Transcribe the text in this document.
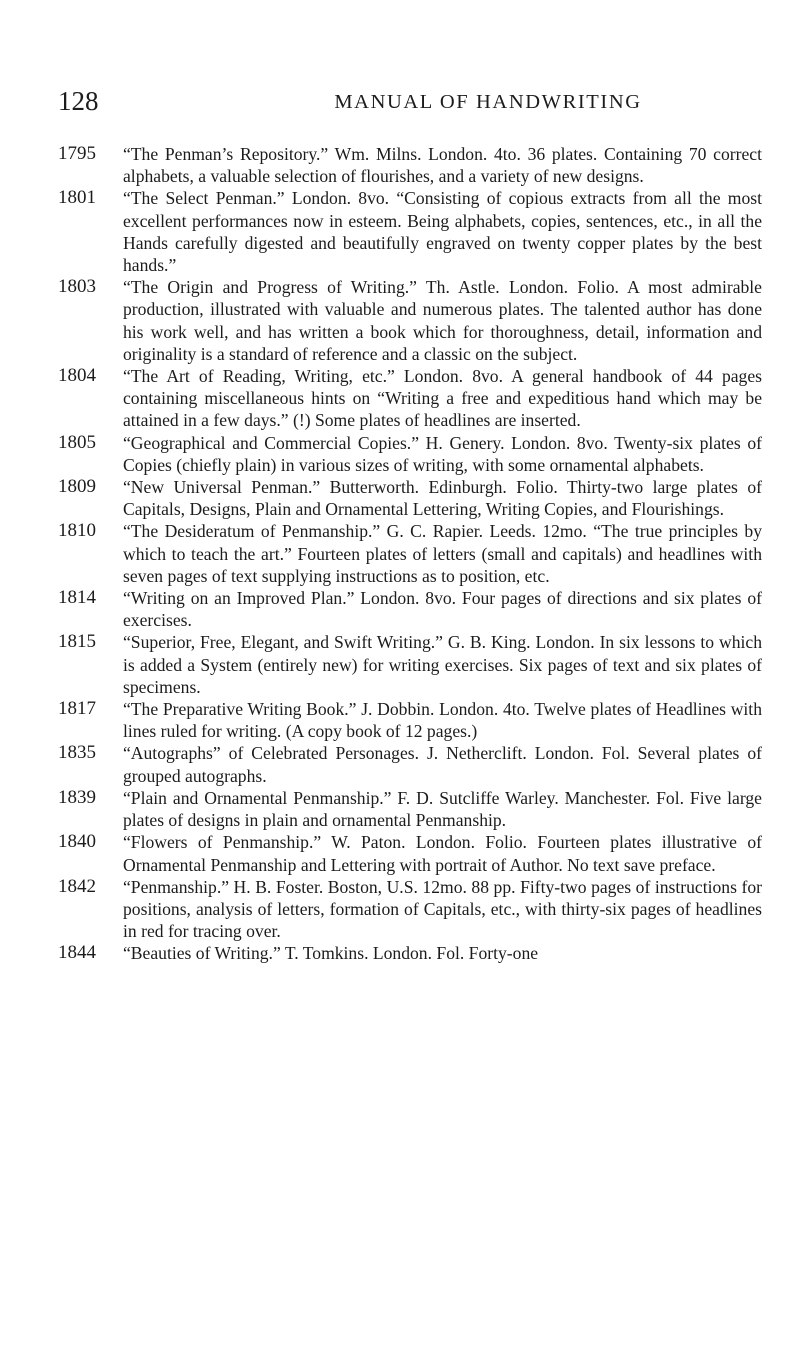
128	MANUAL OF HANDWRITING
1795	“The Penman’s Repository.” Wm. Milns. London. 4to. 36 plates. Containing 70 correct alphabets, a valuable selection of flourishes, and a variety of new designs.
1801	“The Select Penman.” London. 8vo. “Consisting of copious extracts from all the most excellent performances now in esteem. Being alphabets, copies, sentences, etc., in all the Hands carefully digested and beautifully engraved on twenty copper plates by the best hands.”
1803	“The Origin and Progress of Writing.” Th. Astle. London. Folio. A most admirable production, illustrated with valuable and numerous plates. The talented author has done his work well, and has written a book which for thoroughness, detail, information and originality is a standard of reference and a classic on the subject.
1804	“The Art of Reading, Writing, etc.” London. 8vo. A general handbook of 44 pages containing miscellaneous hints on “Writing a free and expeditious hand which may be attained in a few days.” (!) Some plates of headlines are inserted.
1805	“Geographical and Commercial Copies.” H. Genery. London. 8vo. Twenty-six plates of Copies (chiefly plain) in various sizes of writing, with some ornamental alphabets.
1809	“New Universal Penman.” Butterworth. Edinburgh. Folio. Thirty-two large plates of Capitals, Designs, Plain and Ornamental Lettering, Writing Copies, and Flourishings.
1810	“The Desideratum of Penmanship.” G. C. Rapier. Leeds. 12mo. “The true principles by which to teach the art.” Fourteen plates of letters (small and capitals) and headlines with seven pages of text supplying instructions as to position, etc.
1814	“Writing on an Improved Plan.” London. 8vo. Four pages of directions and six plates of exercises.
1815	“Superior, Free, Elegant, and Swift Writing.” G. B. King. London. In six lessons to which is added a System (entirely new) for writing exercises. Six pages of text and six plates of specimens.
1817	“The Preparative Writing Book.” J. Dobbin. London. 4to. Twelve plates of Headlines with lines ruled for writing. (A copy book of 12 pages.)
1835	“Autographs” of Celebrated Personages. J. Netherclift. London. Fol. Several plates of grouped autographs.
1839	“Plain and Ornamental Penmanship.” F. D. Sutcliffe Warley. Manchester. Fol. Five large plates of designs in plain and ornamental Penmanship.
1840	“Flowers of Penmanship.” W. Paton. London. Folio. Fourteen plates illustrative of Ornamental Penmanship and Lettering with portrait of Author. No text save preface.
1842	“Penmanship.” H. B. Foster. Boston, U.S. 12mo. 88 pp. Fifty-two pages of instructions for positions, analysis of letters, formation of Capitals, etc., with thirty-six pages of headlines in red for tracing over.
1844	“Beauties of Writing.” T. Tomkins. London. Fol. Forty-one
